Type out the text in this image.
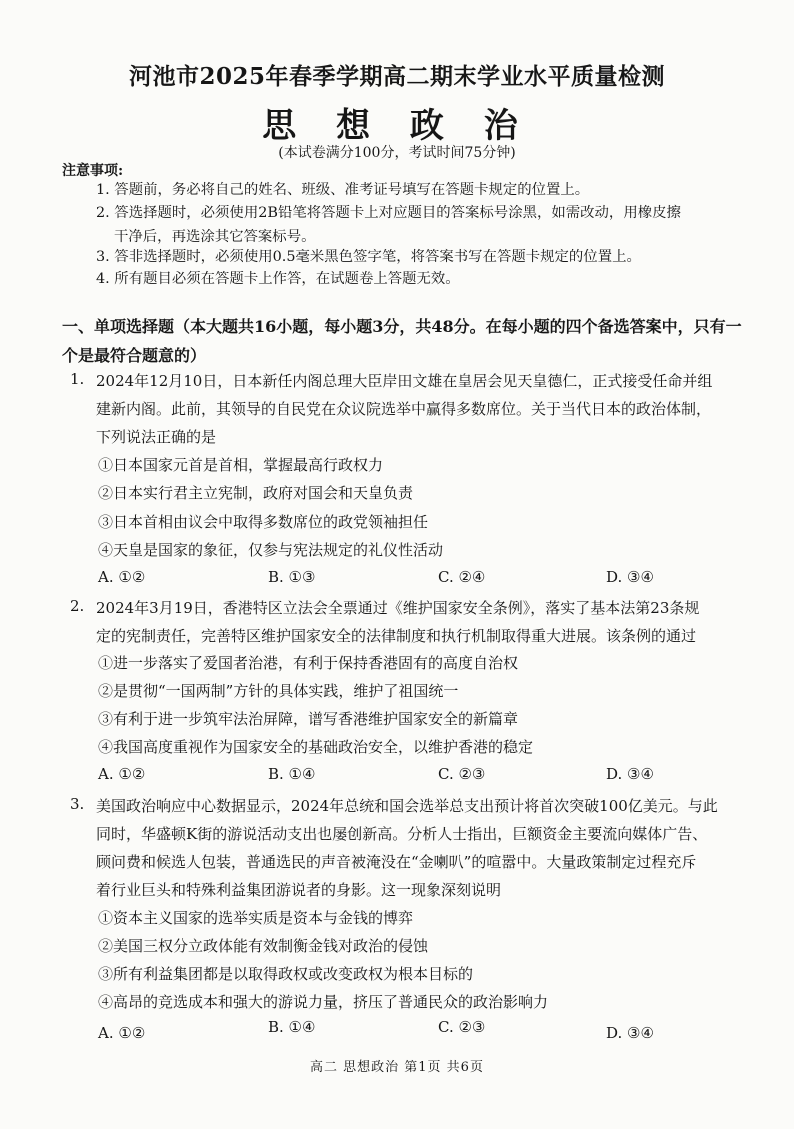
河池市2025年春季学期高二期末学业水平质量检测
思 想 政 治
(本试卷满分100分，考试时间75分钟)
注意事项:
1. 答题前，务必将自己的姓名、班级、准考证号填写在答题卡规定的位置上。
2. 答选择题时，必须使用2B铅笔将答题卡上对应题目的答案标号涂黑，如需改动，用橡皮擦
干净后，再选涂其它答案标号。
3. 答非选择题时，必须使用0.5毫米黑色签字笔，将答案书写在答题卡规定的位置上。
4. 所有题目必须在答题卡上作答，在试题卷上答题无效。
一、单项选择题（本大题共16小题，每小题3分，共48分。在每小题的四个备选答案中，只有一
个是最符合题意的）
1. 2024年12月10日，日本新任内阁总理大臣岸田文雄在皇居会见天皇德仁，正式接受任命并组
建新内阁。此前，其领导的自民党在众议院选举中赢得多数席位。关于当代日本的政治体制，
下列说法正确的是
①日本国家元首是首相，掌握最高行政权力
②日本实行君主立宪制，政府对国会和天皇负责
③日本首相由议会中取得多数席位的政党领袖担任
④天皇是国家的象征，仅参与宪法规定的礼仪性活动
A. ①②	B. ①③	C. ②④	D. ③④
2. 2024年3月19日，香港特区立法会全票通过《维护国家安全条例》，落实了基本法第23条规
定的宪制责任，完善特区维护国家安全的法律制度和执行机制取得重大进展。该条例的通过
①进一步落实了爱国者治港，有利于保持香港固有的高度自治权
②是贯彻“一国两制”方针的具体实践，维护了祖国统一
③有利于进一步筑牢法治屏障，谱写香港维护国家安全的新篇章
④我国高度重视作为国家安全的基础政治安全，以维护香港的稳定
A. ①②	B. ①④	C. ②③	D. ③④
3. 美国政治响应中心数据显示，2024年总统和国会选举总支出预计将首次突破100亿美元。与此
同时，华盛顿K街的游说活动支出也屡创新高。分析人士指出，巨额资金主要流向媒体广告、
顾问费和候选人包装，普通选民的声音被淹没在“金喇叭”的喧嚣中。大量政策制定过程充斥
着行业巨头和特殊利益集团游说者的身影。这一现象深刻说明
①资本主义国家的选举实质是资本与金钱的博弈
②美国三权分立政体能有效制衡金钱对政治的侵蚀
③所有利益集团都是以取得政权或改变政权为根本目标的
④高昂的竞选成本和强大的游说力量，挤压了普通民众的政治影响力
A. ①②	B. ①④	C. ②③	D. ③④
高二 思想政治 第1页 共6页
